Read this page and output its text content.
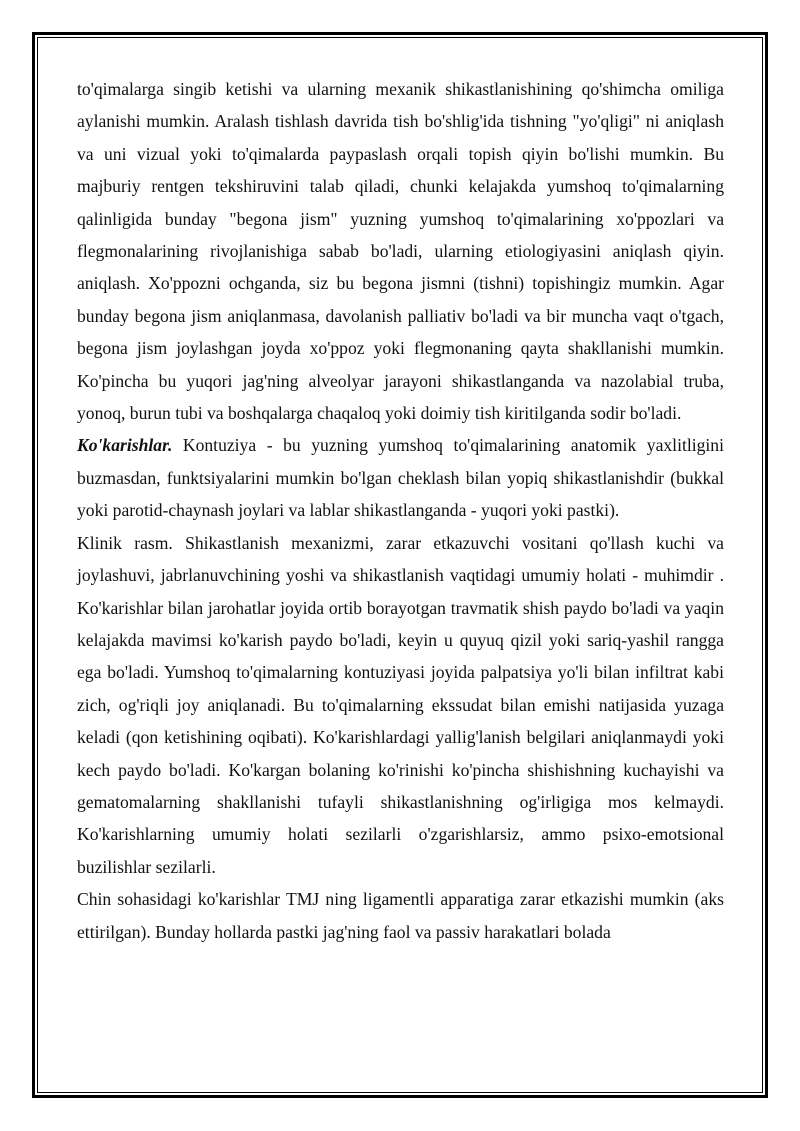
to'qimalarga singib ketishi va ularning mexanik shikastlanishining qo'shimcha omiliga aylanishi mumkin. Aralash tishlash davrida tish bo'shlig'ida tishning "yo'qligi" ni aniqlash va uni vizual yoki to'qimalarda paypaslash orqali topish qiyin bo'lishi mumkin. Bu majburiy rentgen tekshiruvini talab qiladi, chunki kelajakda yumshoq to'qimalarning qalinligida bunday "begona jism" yuzning yumshoq to'qimalarining xo'ppozlari va flegmonalarining rivojlanishiga sabab bo'ladi, ularning etiologiyasini aniqlash qiyin. aniqlash. Xo'ppozni ochganda, siz bu begona jismni (tishni) topishingiz mumkin. Agar bunday begona jism aniqlanmasa, davolanish palliativ bo'ladi va bir muncha vaqt o'tgach, begona jism joylashgan joyda xo'ppoz yoki flegmonaning qayta shakllanishi mumkin. Ko'pincha bu yuqori jag'ning alveolyar jarayoni shikastlanganda va nazolabial truba, yonoq, burun tubi va boshqalarga chaqaloq yoki doimiy tish kiritilganda sodir bo'ladi.

Ko'karishlar. Kontuziya - bu yuzning yumshoq to'qimalarining anatomik yaxlitligini buzmasdan, funktsiyalarini mumkin bo'lgan cheklash bilan yopiq shikastlanishdir (bukkal yoki parotid-chaynash joylari va lablar shikastlanganda - yuqori yoki pastki).

Klinik rasm. Shikastlanish mexanizmi, zarar etkazuvchi vositani qo'llash kuchi va joylashuvi, jabrlanuvchining yoshi va shikastlanish vaqtidagi umumiy holati - muhimdir . Ko'karishlar bilan jarohatlar joyida ortib borayotgan travmatik shish paydo bo'ladi va yaqin kelajakda mavimsi ko'karish paydo bo'ladi, keyin u quyuq qizil yoki sariq-yashil rangga ega bo'ladi. Yumshoq to'qimalarning kontuziyasi joyida palpatsiya yo'li bilan infiltrat kabi zich, og'riqli joy aniqlanadi. Bu to'qimalarning ekssudat bilan emishi natijasida yuzaga keladi (qon ketishining oqibati). Ko'karishlardagi yallig'lanish belgilari aniqlanmaydi yoki kech paydo bo'ladi. Ko'kargan bolaning ko'rinishi ko'pincha shishishning kuchayishi va gematomalarning shakllanishi tufayli shikastlanishning og'irligiga mos kelmaydi. Ko'karishlarning umumiy holati sezilarli o'zgarishlarsiz, ammo psixo-emotsional buzilishlar sezilarli.

Chin sohasidagi ko'karishlar TMJ ning ligamentli apparatiga zarar etkazishi mumkin (aks ettirilgan). Bunday hollarda pastki jag'ning faol va passiv harakatlari bolada
